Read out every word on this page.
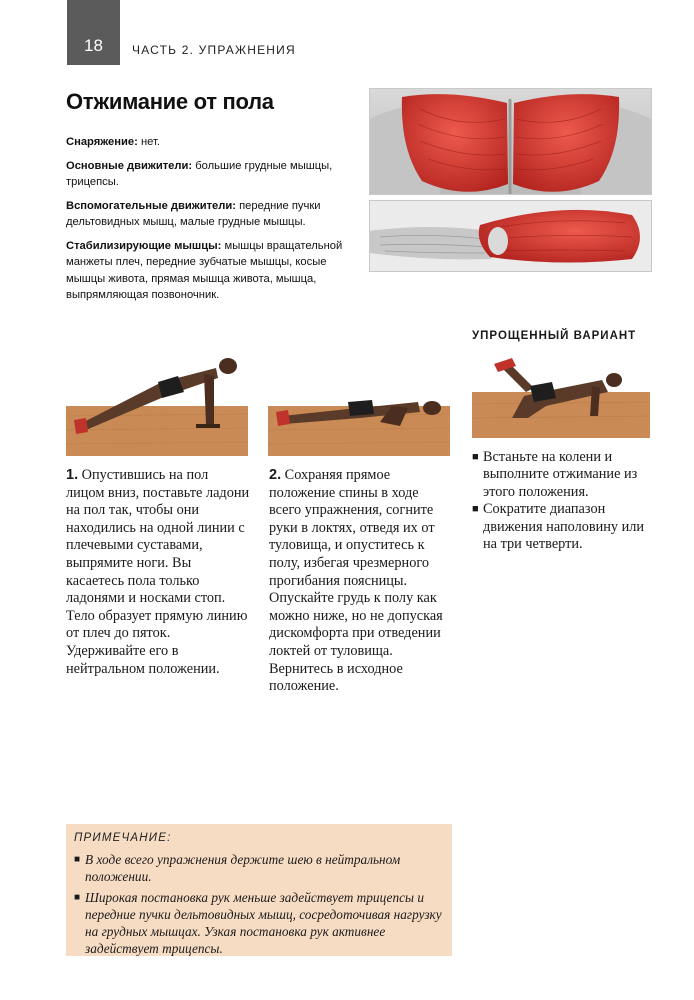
18	ЧАСТЬ 2. УПРАЖНЕНИЯ
Отжимание от пола

Снаряжение: нет.

Основные движители: большие грудные мышцы, трицепсы.

Вспомогательные движители: передние пучки дельтовидных мышц, малые грудные мышцы.

Стабилизирующие мышцы: мышцы вращательной манжеты плеч, передние зубчатые мышцы, косые мышцы живота, прямая мышца живота, мышца, выпрямляющая позвоночник.

УПРОЩЕННЫЙ ВАРИАНТ
1. Опустившись на пол лицом вниз, поставьте ладони на пол так, чтобы они находились на одной линии с плечевыми суставами, выпрямите ноги. Вы касаетесь пола только ладонями и носками стоп. Тело образует прямую линию от плеч до пяток. Удерживайте его в нейтральном положении.
2. Сохраняя прямое положение спины в ходе всего упражнения, согните руки в локтях, отведя их от туловища, и опуститесь к полу, избегая чрезмерного прогибания поясницы. Опускайте грудь к полу как можно ниже, но не допуская дискомфорта при отведении локтей от туловища. Вернитесь в исходное положение.

■ Встаньте на колени и выполните отжимание из этого положения.

■ Сократите диапазон движения наполовину или на три четверти.

ПРИМЕЧАНИЕ:

■ В ходе всего упражнения держите шею в нейтральном положении.

■ Широкая постановка рук меньше задействует трицепсы и передние пучки дельтовидных мышц, сосредоточивая нагрузку на грудных мышцах. Узкая постановка рук активнее задействует трицепсы.
